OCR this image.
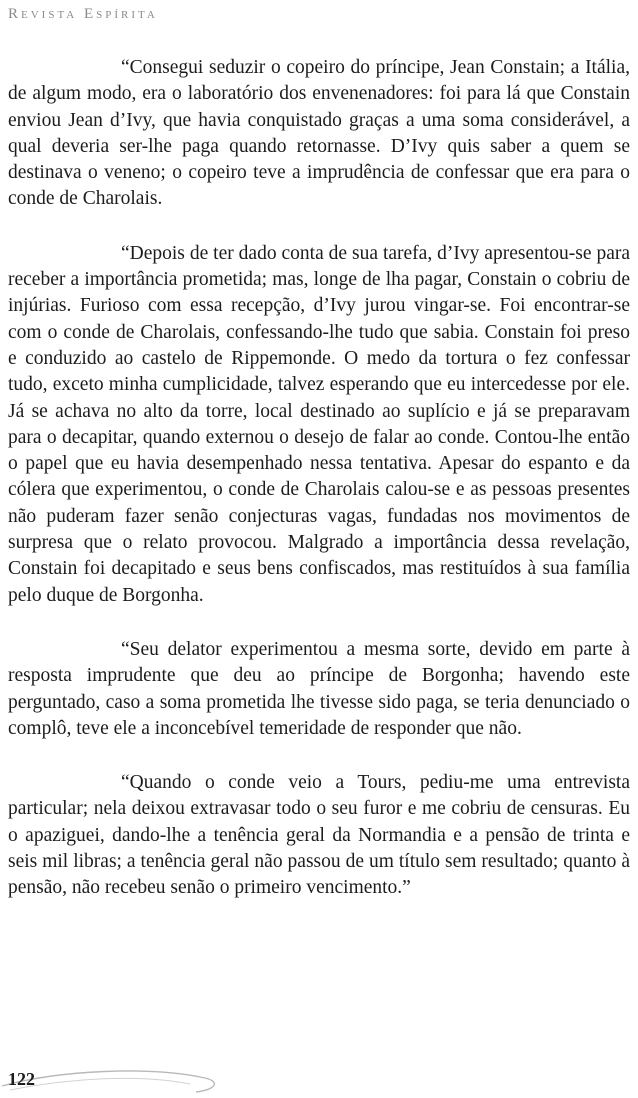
Revista Espírita

“Consegui seduzir o copeiro do príncipe, Jean Constain; a Itália, de algum modo, era o laboratório dos envenenadores: foi para lá que Constain enviou Jean d’Ivy, que havia conquistado graças a uma soma considerável, a qual deveria ser-lhe paga quando retornasse. D’Ivy quis saber a quem se destinava o veneno; o copeiro teve a imprudência de confessar que era para o conde de Charolais.

“Depois de ter dado conta de sua tarefa, d’Ivy apresentou-se para receber a importância prometida; mas, longe de lha pagar, Constain o cobriu de injúrias. Furioso com essa recepção, d’Ivy jurou vingar-se. Foi encontrar-se com o conde de Charolais, confessando-lhe tudo que sabia. Constain foi preso e conduzido ao castelo de Rippemonde. O medo da tortura o fez confessar tudo, exceto minha cumplicidade, talvez esperando que eu intercedesse por ele. Já se achava no alto da torre, local destinado ao suplício e já se preparavam para o decapitar, quando externou o desejo de falar ao conde. Contou-lhe então o papel que eu havia desempenhado nessa tentativa. Apesar do espanto e da cólera que experimentou, o conde de Charolais calou-se e as pessoas presentes não puderam fazer senão conjecturas vagas, fundadas nos movimentos de surpresa que o relato provocou. Malgrado a importância dessa revelação, Constain foi decapitado e seus bens confiscados, mas restituídos à sua família pelo duque de Borgonha.

“Seu delator experimentou a mesma sorte, devido em parte à resposta imprudente que deu ao príncipe de Borgonha; havendo este perguntado, caso a soma prometida lhe tivesse sido paga, se teria denunciado o complô, teve ele a inconcebível temeridade de responder que não.

“Quando o conde veio a Tours, pediu-me uma entrevista particular; nela deixou extravasar todo o seu furor e me cobriu de censuras. Eu o apaziguei, dando-lhe a tenência geral da Normandia e a pensão de trinta e seis mil libras; a tenência geral não passou de um título sem resultado; quanto à pensão, não recebeu senão o primeiro vencimento.”

122
